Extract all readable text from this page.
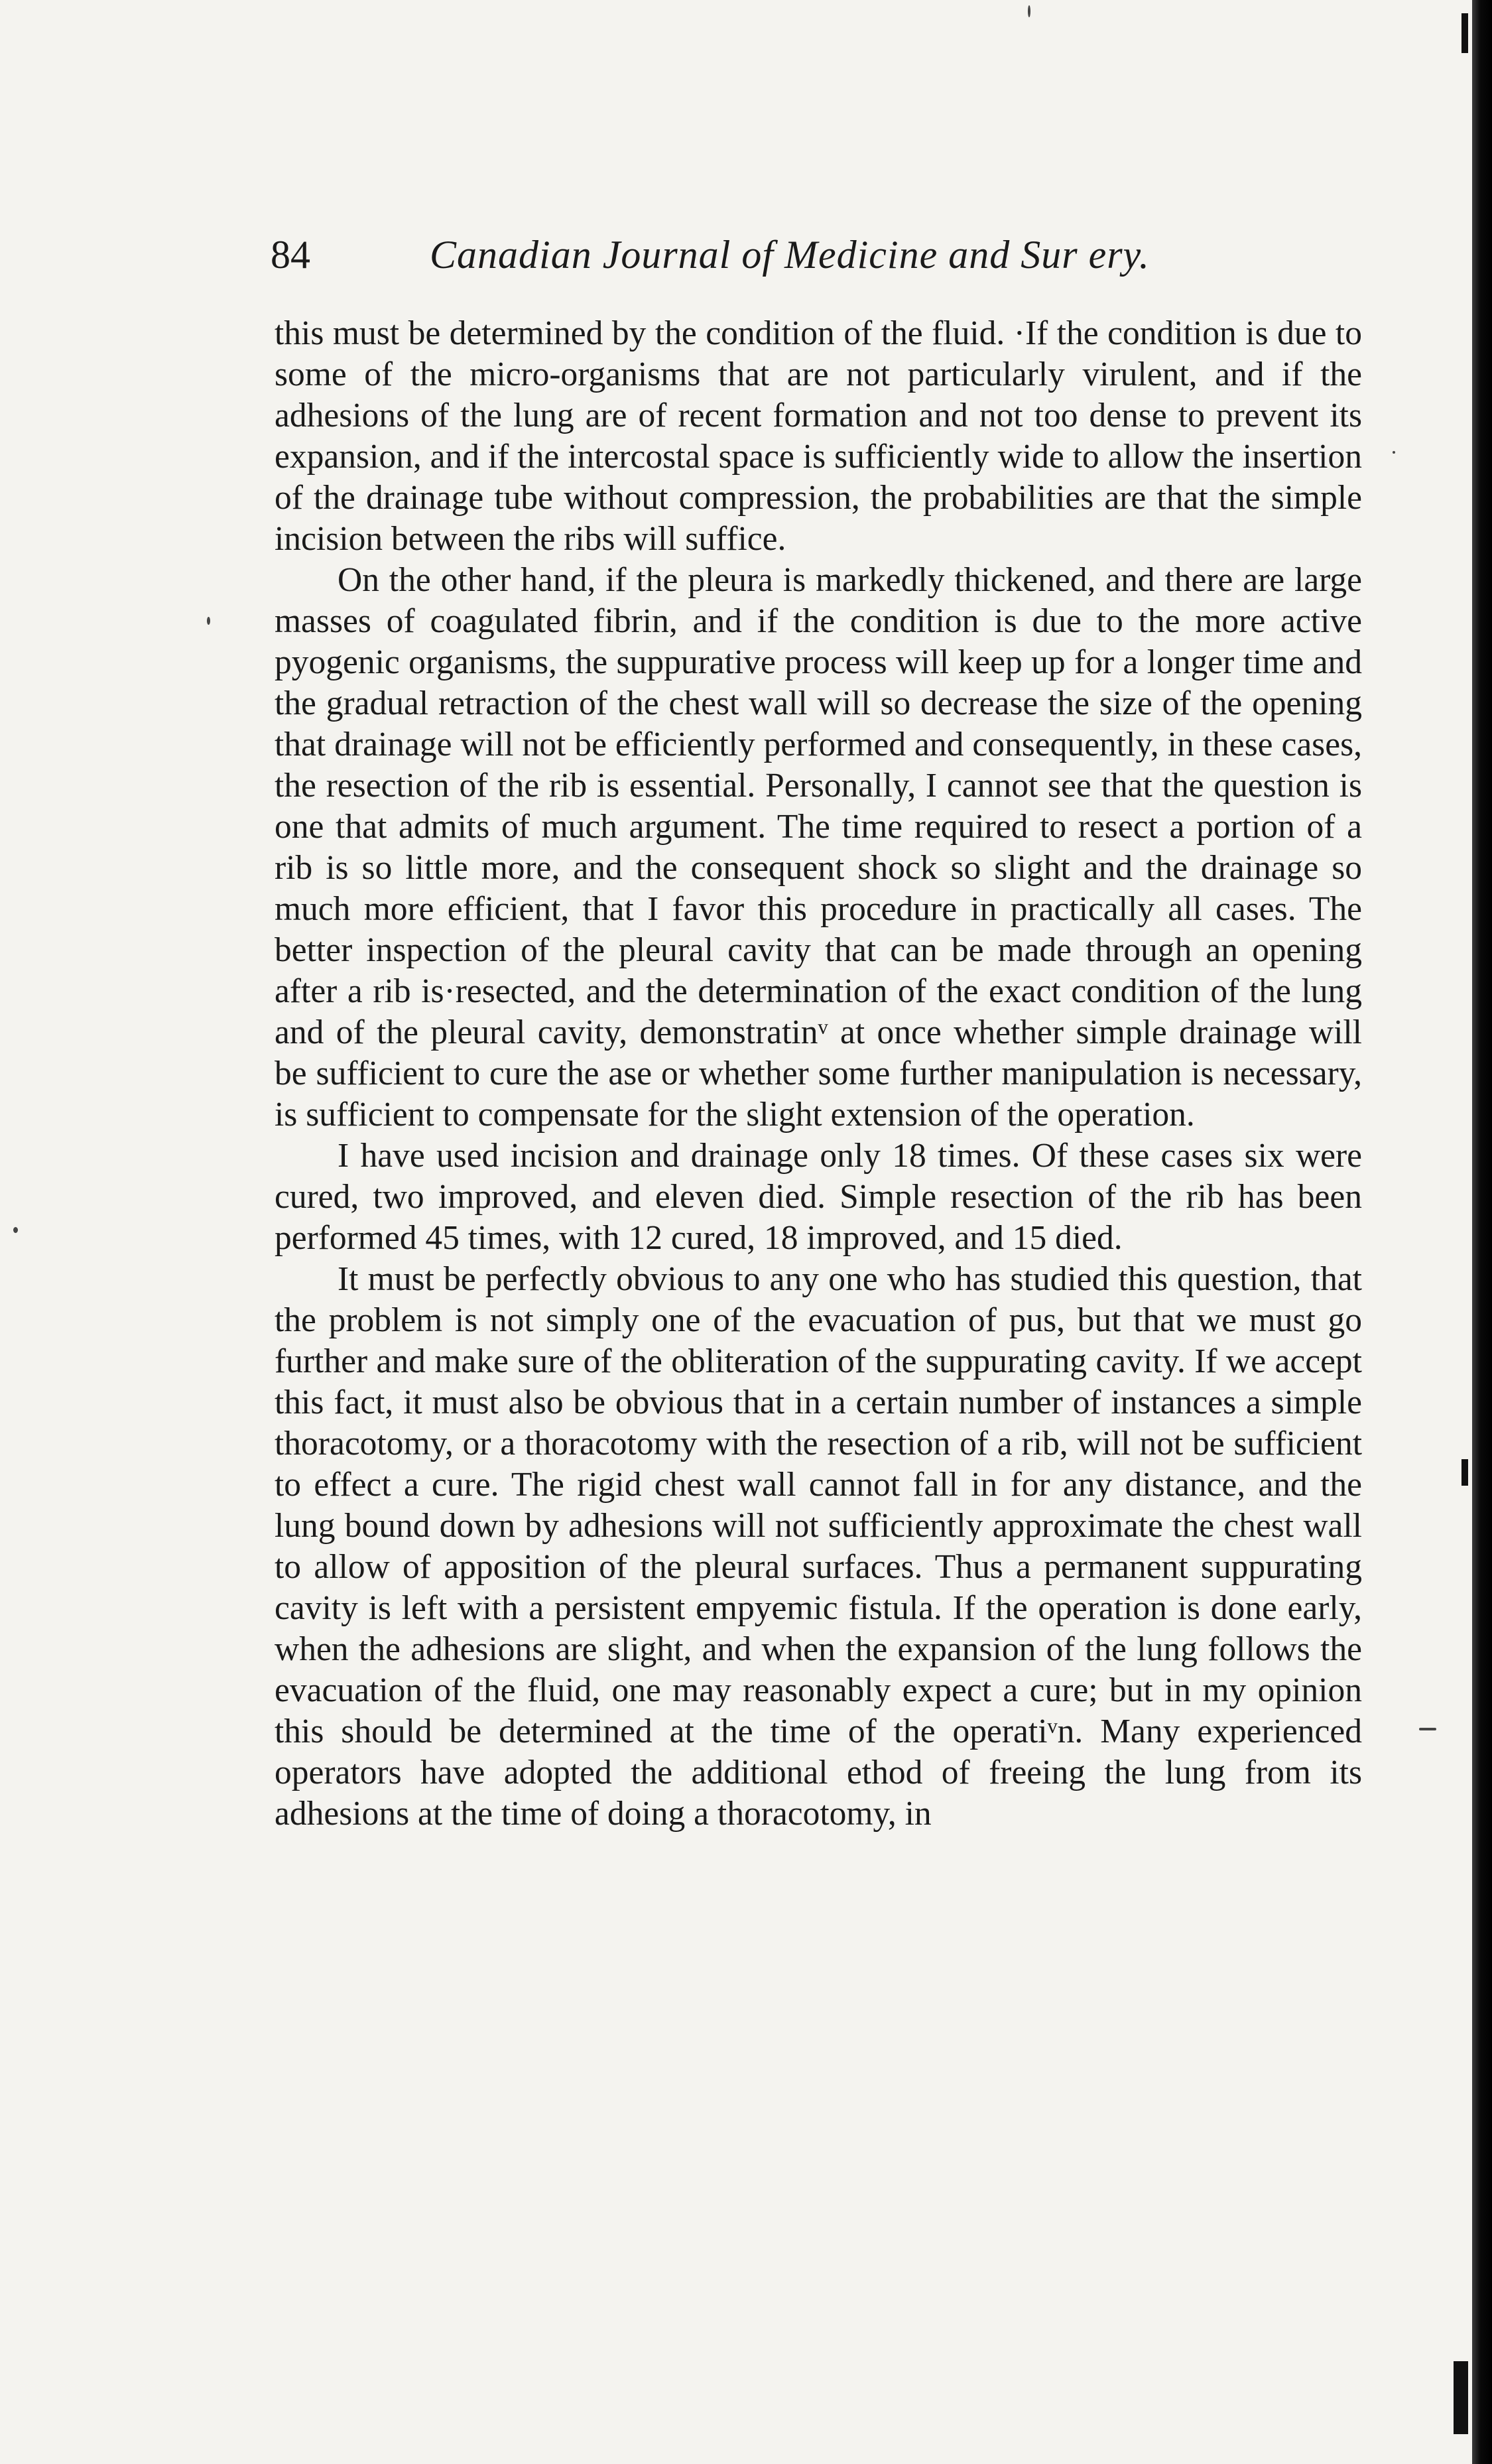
84	Canadian Journal of Medicine and Sur ery.

this must be determined by the condition of the fluid. ·If the condition is due to some of the micro-organisms that are not particularly virulent, and if the adhesions of the lung are of recent formation and not too dense to prevent its expansion, and if the intercostal space is sufficiently wide to allow the insertion of the drainage tube without compression, the probabilities are that the simple incision between the ribs will suffice.

On the other hand, if the pleura is markedly thickened, and there are large masses of coagulated fibrin, and if the condition is due to the more active pyogenic organisms, the suppurative process will keep up for a longer time and the gradual retraction of the chest wall will so decrease the size of the opening that drainage will not be efficiently performed and consequently, in these cases, the resection of the rib is essential. Personally, I cannot see that the question is one that admits of much argument. The time required to resect a portion of a rib is so little more, and the consequent shock so slight and the drainage so much more efficient, that I favor this procedure in practically all cases. The better inspection of the pleural cavity that can be made through an opening after a rib is·resected, and the determination of the exact condition of the lung and of the pleural cavity, demonstratinᵛ at once whether simple drainage will be sufficient to cure the ase or whether some further manipulation is necessary, is sufficient to compensate for the slight extension of the operation.

I have used incision and drainage only 18 times. Of these cases six were cured, two improved, and eleven died. Simple resection of the rib has been performed 45 times, with 12 cured, 18 improved, and 15 died.

It must be perfectly obvious to any one who has studied this question, that the problem is not simply one of the evacuation of pus, but that we must go further and make sure of the obliteration of the suppurating cavity. If we accept this fact, it must also be obvious that in a certain number of instances a simple thoracotomy, or a thoracotomy with the resection of a rib, will not be sufficient to effect a cure. The rigid chest wall cannot fall in for any distance, and the lung bound down by adhesions will not sufficiently approximate the chest wall to allow of apposition of the pleural surfaces. Thus a permanent suppurating cavity is left with a persistent empyemic fistula. If the operation is done early, when the adhesions are slight, and when the expansion of the lung follows the evacuation of the fluid, one may reasonably expect a cure; but in my opinion this should be determined at the time of the operatiᵛn. Many experienced operators have adopted the additional ethod of freeing the lung from its adhesions at the time of doing a thoracotomy, in
